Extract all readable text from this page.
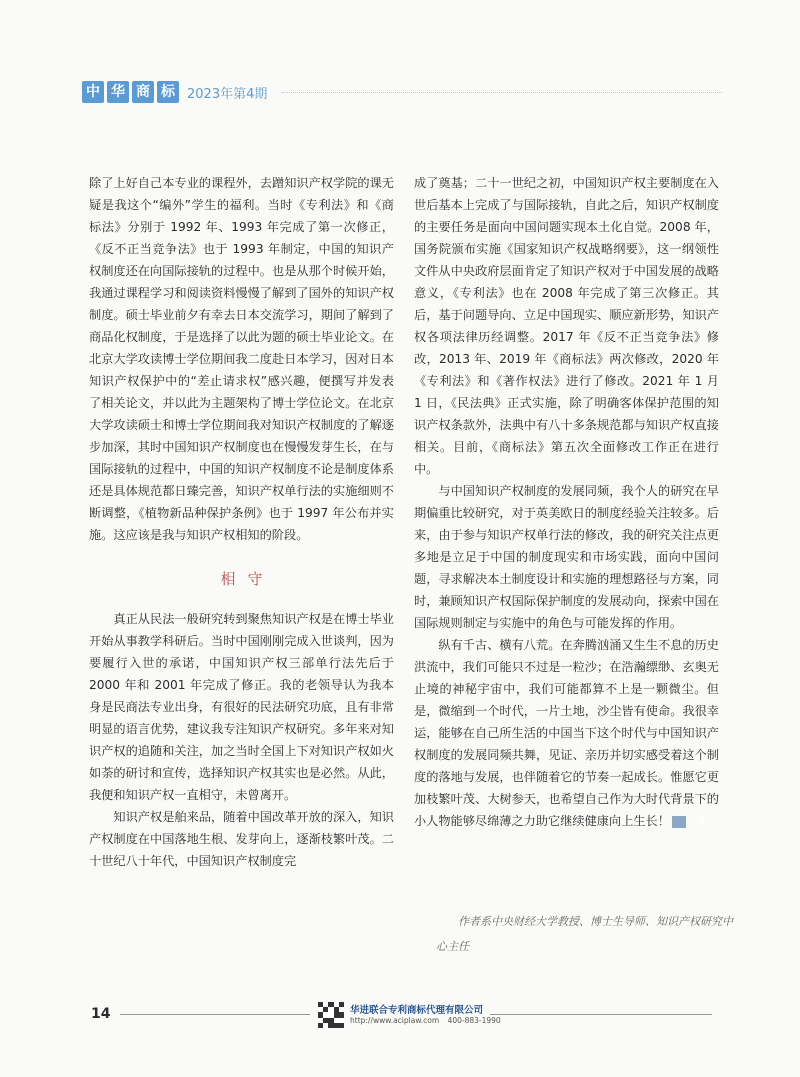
中 华 商 标 2023年第4期

除了上好自己本专业的课程外，去蹭知识产权学院的课无疑是我这个“编外”学生的福利。当时《专利法》和《商标法》分别于 1992 年、1993 年完成了第一次修正，《反不正当竞争法》也于 1993 年制定，中国的知识产权制度还在向国际接轨的过程中。也是从那个时候开始，我通过课程学习和阅读资料慢慢了解到了国外的知识产权制度。硕士毕业前夕有幸去日本交流学习，期间了解到了商品化权制度，于是选择了以此为题的硕士毕业论文。在北京大学攻读博士学位期间我二度赴日本学习，因对日本知识产权保护中的“差止请求权”感兴趣，便撰写并发表了相关论文，并以此为主题架构了博士学位论文。在北京大学攻读硕士和博士学位期间我对知识产权制度的了解逐步加深，其时中国知识产权制度也在慢慢发芽生长，在与国际接轨的过程中，中国的知识产权制度不论是制度体系还是具体规范都日臻完善，知识产权单行法的实施细则不断调整，《植物新品种保护条例》也于 1997 年公布并实施。这应该是我与知识产权相知的阶段。

相守

真正从民法一般研究转到聚焦知识产权是在博士毕业开始从事教学科研后。当时中国刚刚完成入世谈判，因为要履行入世的承诺，中国知识产权三部单行法先后于 2000 年和 2001 年完成了修正。我的老领导认为我本身是民商法专业出身，有很好的民法研究功底，且有非常明显的语言优势，建议我专注知识产权研究。多年来对知识产权的追随和关注，加之当时全国上下对知识产权如火如荼的研讨和宣传，选择知识产权其实也是必然。从此，我便和知识产权一直相守，未曾离开。

知识产权是舶来品，随着中国改革开放的深入，知识产权制度在中国落地生根、发芽向上，逐渐枝繁叶茂。二十世纪八十年代，中国知识产权制度完

成了奠基；二十一世纪之初，中国知识产权主要制度在入世后基本上完成了与国际接轨，自此之后，知识产权制度的主要任务是面向中国问题实现本土化自觉。2008 年，国务院颁布实施《国家知识产权战略纲要》，这一纲领性文件从中央政府层面肯定了知识产权对于中国发展的战略意义，《专利法》也在 2008 年完成了第三次修正。其后，基于问题导向、立足中国现实、顺应新形势，知识产权各项法律历经调整。2017 年《反不正当竞争法》修改，2013 年、2019 年《商标法》两次修改，2020 年《专利法》和《著作权法》进行了修改。2021 年 1 月 1 日，《民法典》正式实施，除了明确客体保护范围的知识产权条款外，法典中有八十多条规范都与知识产权直接相关。目前，《商标法》第五次全面修改工作正在进行中。

与中国知识产权制度的发展同频，我个人的研究在早期偏重比较研究，对于英美欧日的制度经验关注较多。后来，由于参与知识产权单行法的修改，我的研究关注点更多地是立足于中国的制度现实和市场实践，面向中国问题，寻求解决本土制度设计和实施的理想路径与方案，同时，兼顾知识产权国际保护制度的发展动向，探索中国在国际规则制定与实施中的角色与可能发挥的作用。

纵有千古、横有八荒。在奔腾汹涌又生生不息的历史洪流中，我们可能只不过是一粒沙；在浩瀚缥缈、玄奥无止境的神秘宇宙中，我们可能都算不上是一颗微尘。但是，微缩到一个时代，一片土地，沙尘皆有使命。我很幸运，能够在自己所生活的中国当下这个时代与中国知识产权制度的发展同频共舞，见证、亲历并切实感受着这个制度的落地与发展，也伴随着它的节奏一起成长。惟愿它更加枝繁叶茂、大树参天，也希望自己作为大时代背景下的小人物能够尽绵薄之力助它继续健康向上生长！	龘

作者系中央财经大学教授、博士生导师、知识产权研究中心主任
14	华进联合专利商标代理有限公司
http://www.aciplaw.com 400-883-1990
